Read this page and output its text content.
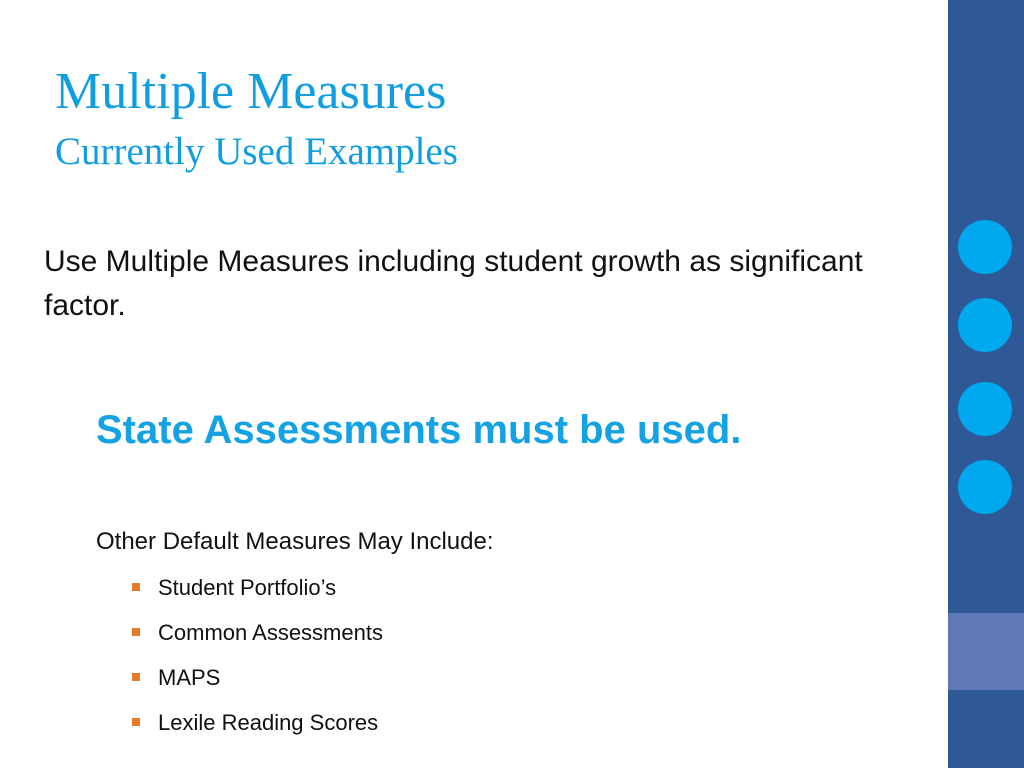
Multiple Measures
Currently Used Examples

Use Multiple Measures including student growth as significant factor.

State Assessments must be used.

Other Default Measures May Include:

Student Portfolio’s
Common Assessments
MAPS
Lexile Reading Scores
